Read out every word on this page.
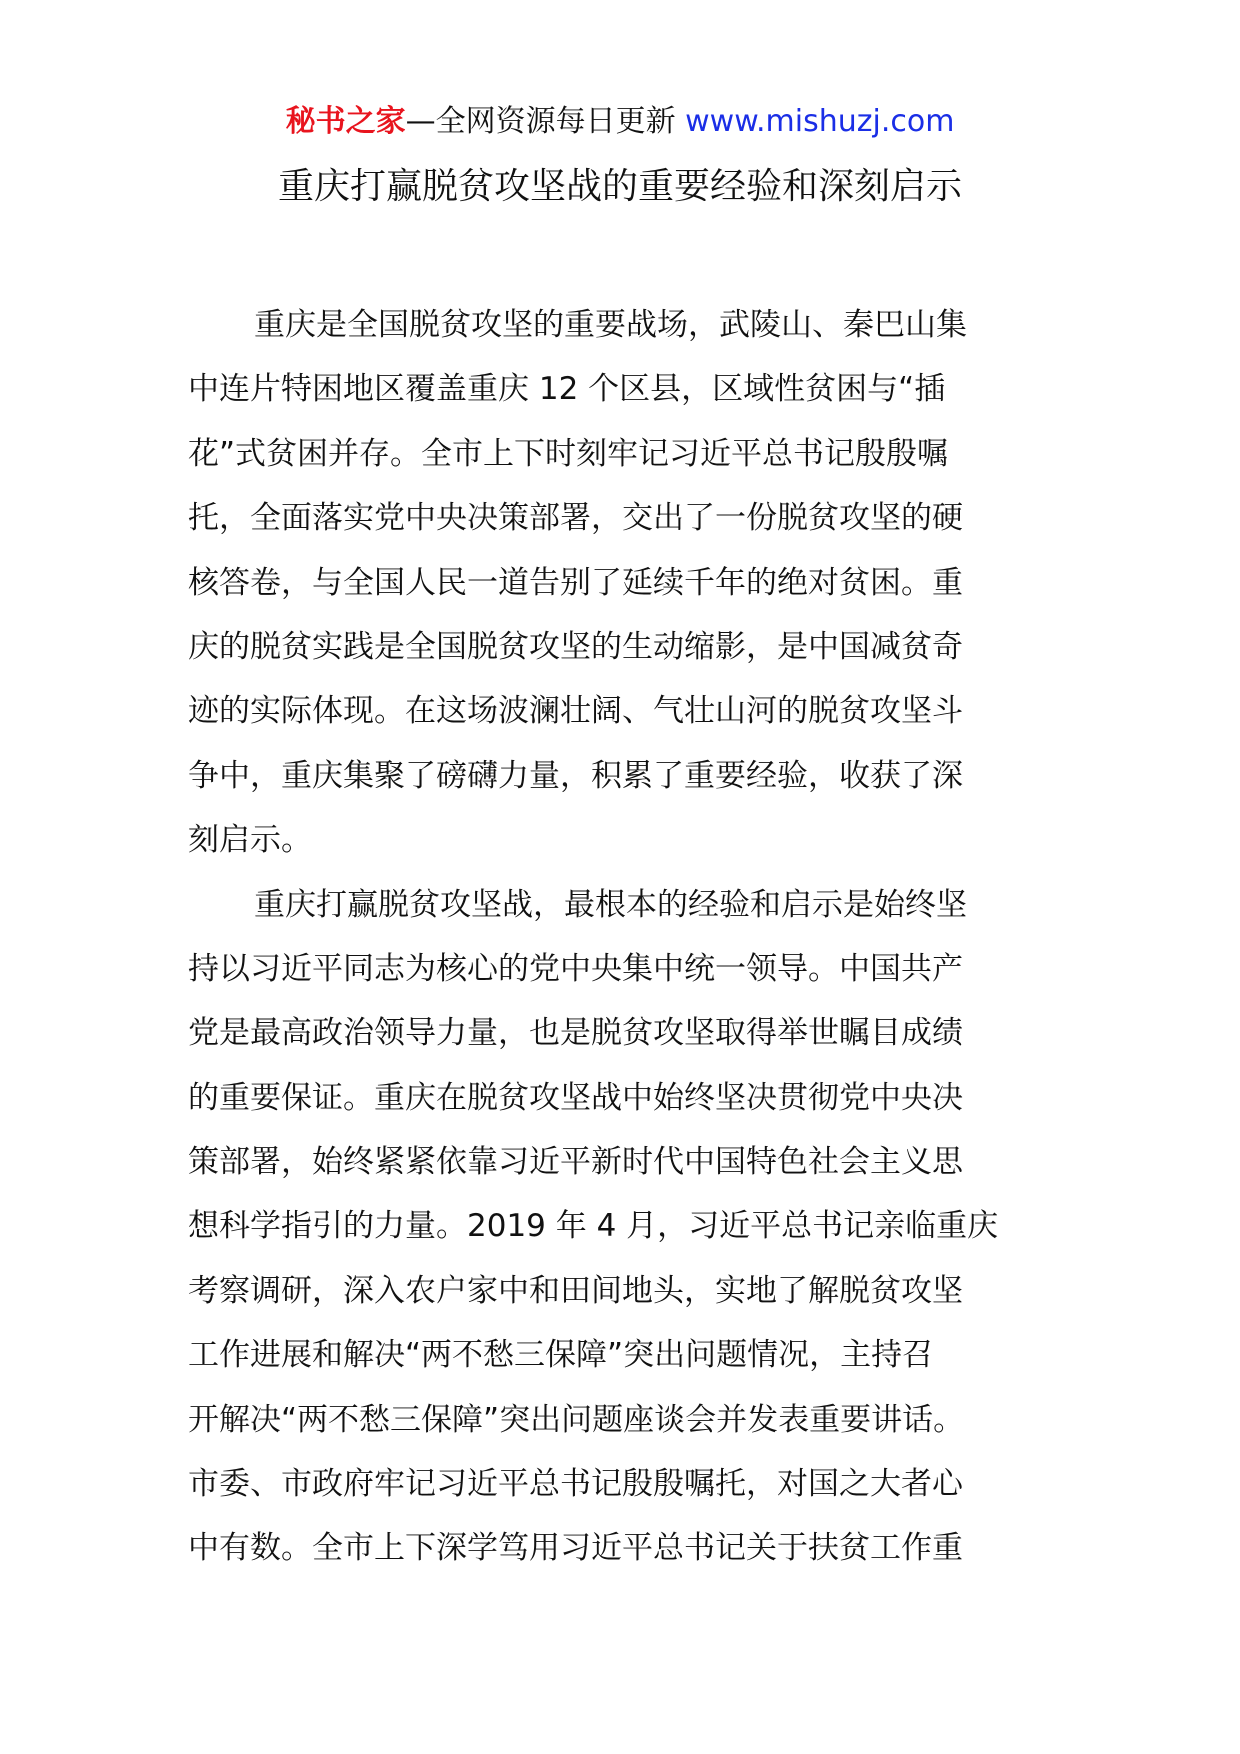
秘书之家—全网资源每日更新 www.mishuzj.com
重庆打赢脱贫攻坚战的重要经验和深刻启示
重庆是全国脱贫攻坚的重要战场，武陵山、秦巴山集
中连片特困地区覆盖重庆 12 个区县，区域性贫困与“插
花”式贫困并存。全市上下时刻牢记习近平总书记殷殷嘱
托，全面落实党中央决策部署，交出了一份脱贫攻坚的硬
核答卷，与全国人民一道告别了延续千年的绝对贫困。重
庆的脱贫实践是全国脱贫攻坚的生动缩影，是中国减贫奇
迹的实际体现。在这场波澜壮阔、气壮山河的脱贫攻坚斗
争中，重庆集聚了磅礴力量，积累了重要经验，收获了深
刻启示。
重庆打赢脱贫攻坚战，最根本的经验和启示是始终坚
持以习近平同志为核心的党中央集中统一领导。中国共产
党是最高政治领导力量，也是脱贫攻坚取得举世瞩目成绩
的重要保证。重庆在脱贫攻坚战中始终坚决贯彻党中央决
策部署，始终紧紧依靠习近平新时代中国特色社会主义思
想科学指引的力量。2019 年 4 月，习近平总书记亲临重庆
考察调研，深入农户家中和田间地头，实地了解脱贫攻坚
工作进展和解决“两不愁三保障”突出问题情况，主持召
开解决“两不愁三保障”突出问题座谈会并发表重要讲话。
市委、市政府牢记习近平总书记殷殷嘱托，对国之大者心
中有数。全市上下深学笃用习近平总书记关于扶贫工作重
